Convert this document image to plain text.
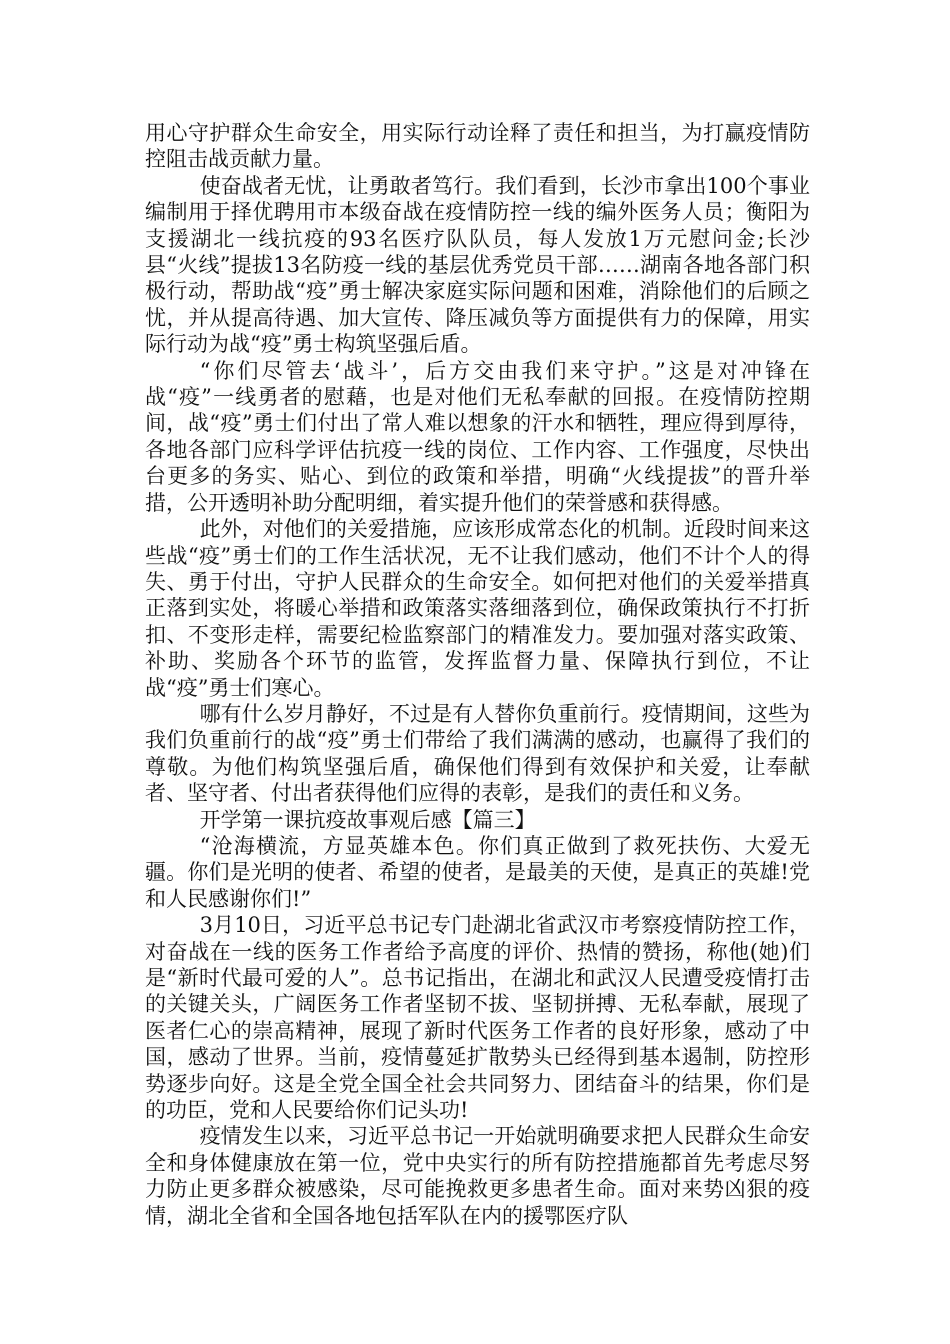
用心守护群众生命安全，用实际行动诠释了责任和担当，为打赢疫情防控阻击战贡献力量。

使奋战者无忧，让勇敢者笃行。我们看到，长沙市拿出100个事业编制用于择优聘用市本级奋战在疫情防控一线的编外医务人员；衡阳为支援湖北一线抗疫的93名医疗队队员，每人发放1万元慰问金;长沙县“火线”提拔13名防疫一线的基层优秀党员干部……湖南各地各部门积极行动，帮助战“疫”勇士解决家庭实际问题和困难，消除他们的后顾之忧，并从提高待遇、加大宣传、降压减负等方面提供有力的保障，用实际行动为战“疫”勇士构筑坚强后盾。

“你们尽管去‘战斗’，后方交由我们来守护。”这是对冲锋在战“疫”一线勇者的慰藉，也是对他们无私奉献的回报。在疫情防控期间，战“疫”勇士们付出了常人难以想象的汗水和牺牲，理应得到厚待，各地各部门应科学评估抗疫一线的岗位、工作内容、工作强度，尽快出台更多的务实、贴心、到位的政策和举措，明确“火线提拔”的晋升举措，公开透明补助分配明细，着实提升他们的荣誉感和获得感。

此外，对他们的关爱措施，应该形成常态化的机制。近段时间来这些战“疫”勇士们的工作生活状况，无不让我们感动，他们不计个人的得失、勇于付出，守护人民群众的生命安全。如何把对他们的关爱举措真正落到实处，将暖心举措和政策落实落细落到位，确保政策执行不打折扣、不变形走样，需要纪检监察部门的精准发力。要加强对落实政策、补助、奖励各个环节的监管，发挥监督力量、保障执行到位，不让战“疫”勇士们寒心。

哪有什么岁月静好，不过是有人替你负重前行。疫情期间，这些为我们负重前行的战“疫”勇士们带给了我们满满的感动，也赢得了我们的尊敬。为他们构筑坚强后盾，确保他们得到有效保护和关爱，让奉献者、坚守者、付出者获得他们应得的表彰，是我们的责任和义务。

开学第一课抗疫故事观后感【篇三】

“沧海横流，方显英雄本色。你们真正做到了救死扶伤、大爱无疆。你们是光明的使者、希望的使者，是最美的天使，是真正的英雄!党和人民感谢你们!”

3月10日，习近平总书记专门赴湖北省武汉市考察疫情防控工作，对奋战在一线的医务工作者给予高度的评价、热情的赞扬，称他(她)们是“新时代最可爱的人”。总书记指出，在湖北和武汉人民遭受疫情打击的关键关头，广阔医务工作者坚韧不拔、坚韧拼搏、无私奉献，展现了医者仁心的崇高精神，展现了新时代医务工作者的良好形象，感动了中国，感动了世界。当前，疫情蔓延扩散势头已经得到基本遏制，防控形势逐步向好。这是全党全国全社会共同努力、团结奋斗的结果，你们是的功臣，党和人民要给你们记头功!

疫情发生以来，习近平总书记一开始就明确要求把人民群众生命安全和身体健康放在第一位，党中央实行的所有防控措施都首先考虑尽努力防止更多群众被感染，尽可能挽救更多患者生命。面对来势凶狠的疫情，湖北全省和全国各地包括军队在内的援鄂医疗队
